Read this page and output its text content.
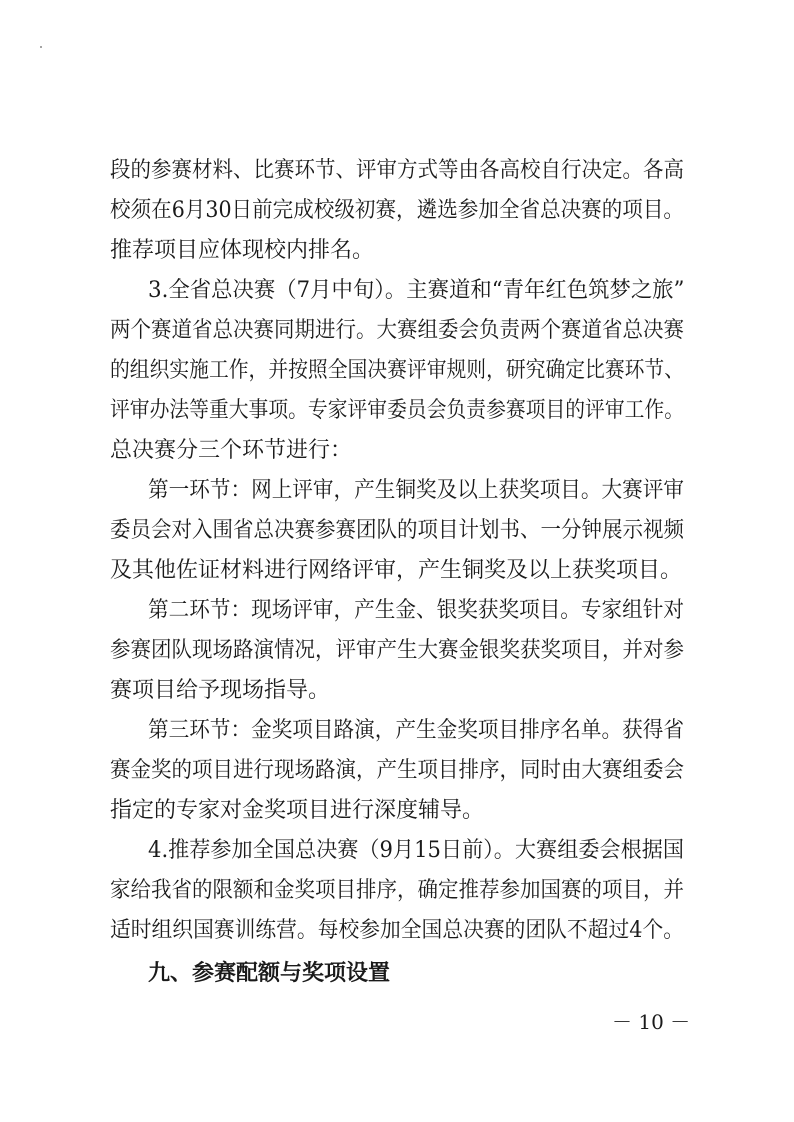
段的参赛材料、比赛环节、评审方式等由各高校自行决定。各高
校须在6月30日前完成校级初赛，遴选参加全省总决赛的项目。
推荐项目应体现校内排名。
3.全省总决赛（7月中旬）。主赛道和“青年红色筑梦之旅”
两个赛道省总决赛同期进行。大赛组委会负责两个赛道省总决赛
的组织实施工作，并按照全国决赛评审规则，研究确定比赛环节、
评审办法等重大事项。专家评审委员会负责参赛项目的评审工作。
总决赛分三个环节进行：
第一环节：网上评审，产生铜奖及以上获奖项目。大赛评审
委员会对入围省总决赛参赛团队的项目计划书、一分钟展示视频
及其他佐证材料进行网络评审，产生铜奖及以上获奖项目。
第二环节：现场评审，产生金、银奖获奖项目。专家组针对
参赛团队现场路演情况，评审产生大赛金银奖获奖项目，并对参
赛项目给予现场指导。
第三环节：金奖项目路演，产生金奖项目排序名单。获得省
赛金奖的项目进行现场路演，产生项目排序，同时由大赛组委会
指定的专家对金奖项目进行深度辅导。
4.推荐参加全国总决赛（9月15日前）。大赛组委会根据国
家给我省的限额和金奖项目排序，确定推荐参加国赛的项目，并
适时组织国赛训练营。每校参加全国总决赛的团队不超过4个。
九、参赛配额与奖项设置
－ 10 －
